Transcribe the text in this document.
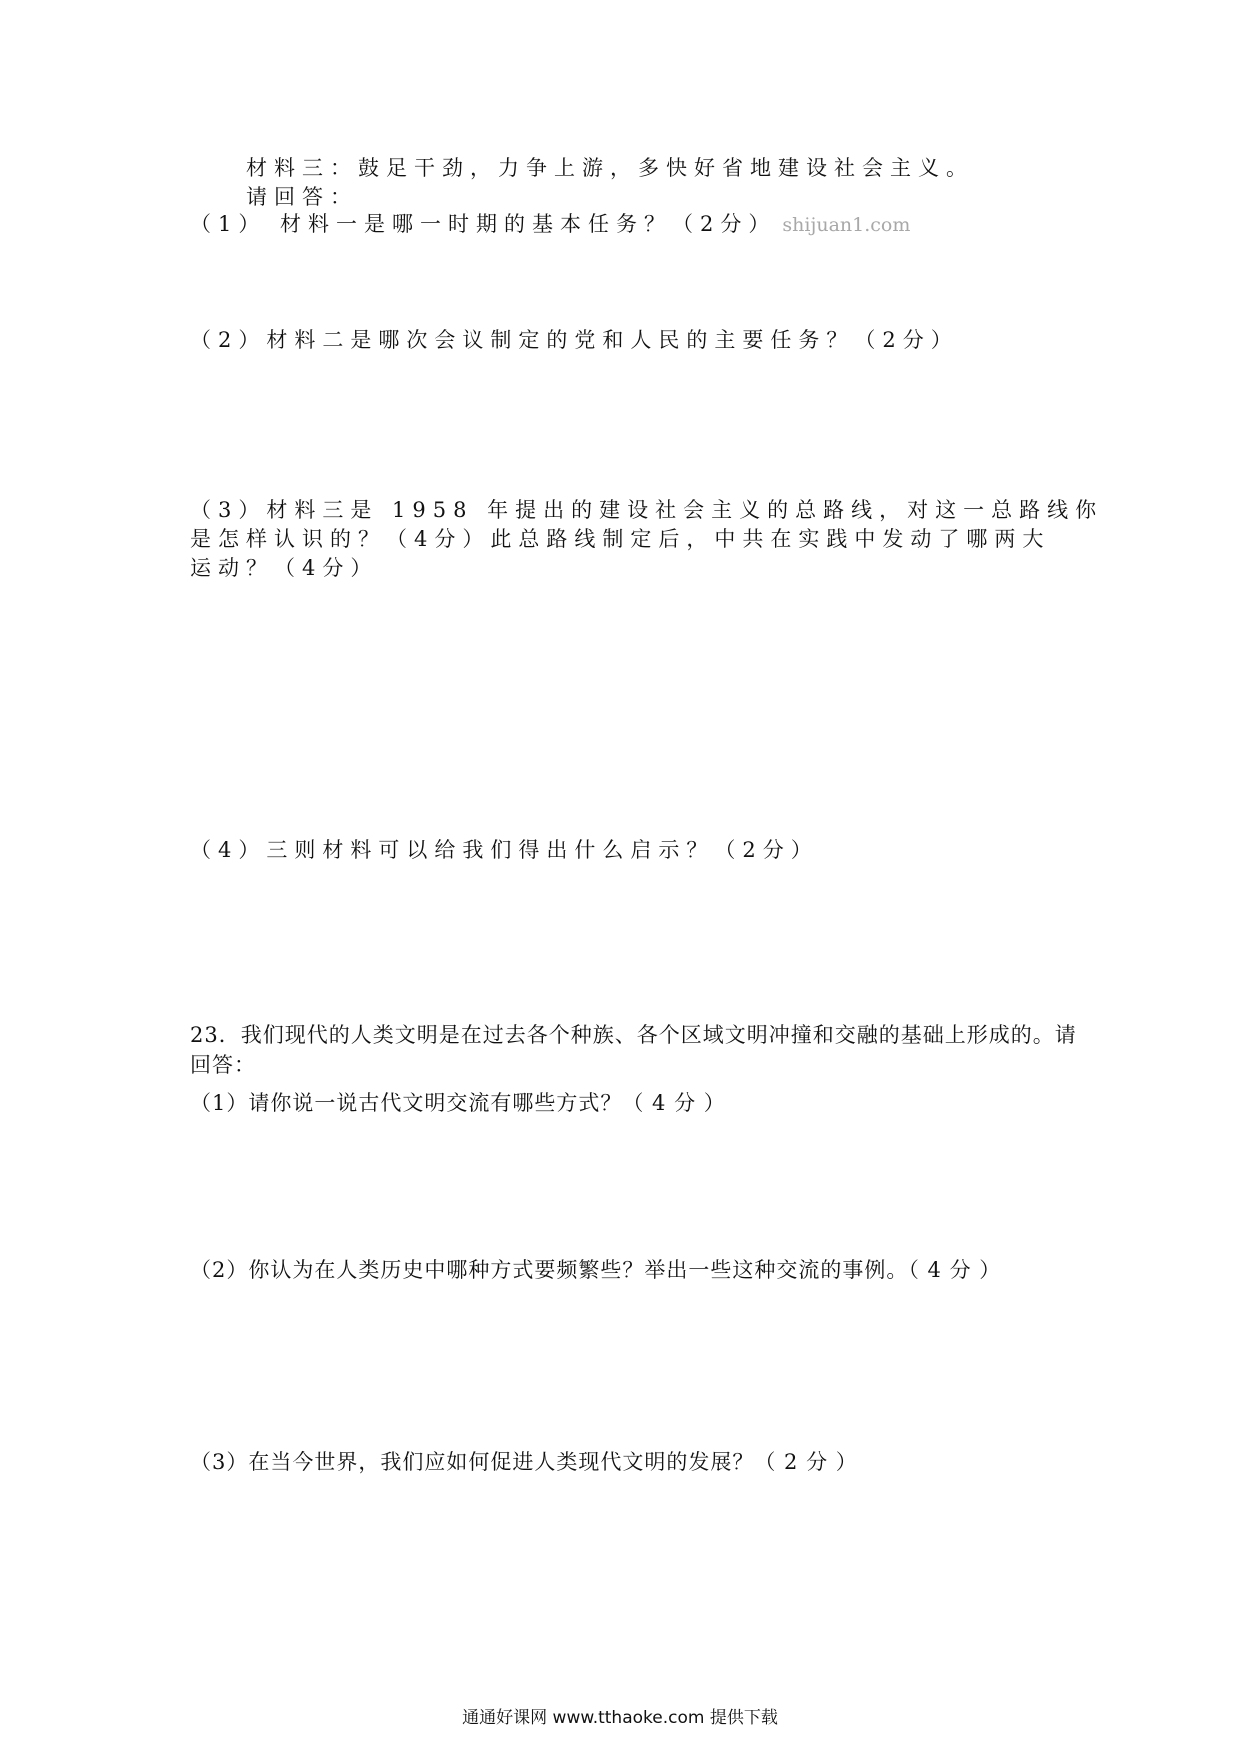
材料三：鼓足干劲，力争上游，多快好省地建设社会主义。
请回答：
（1） 材料一是哪一时期的基本任务？（2分） shijuan1.com
（2）材料二是哪次会议制定的党和人民的主要任务？（2分）
（3）材料三是 1958 年提出的建设社会主义的总路线，对这一总路线你
是怎样认识的？（4分）此总路线制定后，中共在实践中发动了哪两大
运动？（4分）
（4）三则材料可以给我们得出什么启示？（2分）
23．我们现代的人类文明是在过去各个种族、各个区域文明冲撞和交融的基础上形成的。请
回答：
（1）请你说一说古代文明交流有哪些方式？（ 4 分 ）
（2）你认为在人类历史中哪种方式要频繁些？举出一些这种交流的事例。（ 4 分 ）
（3）在当今世界，我们应如何促进人类现代文明的发展？（ 2 分 ）
通通好课网 www.tthaoke.com 提供下载
